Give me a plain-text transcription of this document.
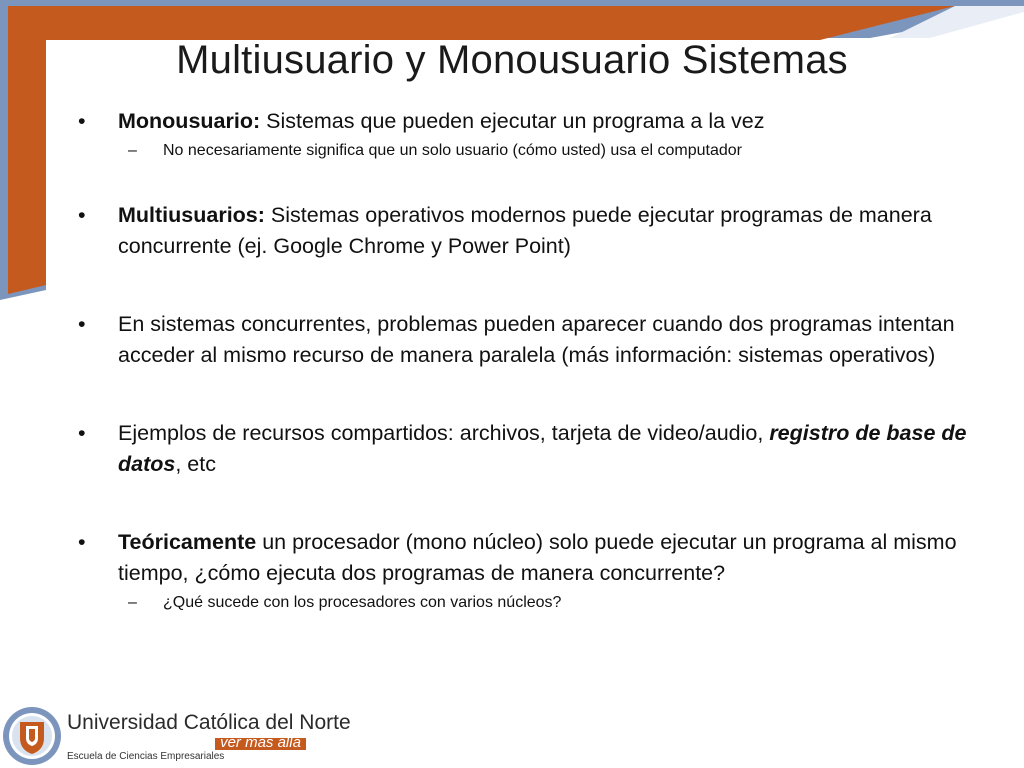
Multiusuario y Monousuario Sistemas
• Monousuario: Sistemas que pueden ejecutar un programa a la vez
– No necesariamente significa que un solo usuario (cómo usted) usa el computador
• Multiusuarios: Sistemas operativos modernos puede ejecutar programas de manera concurrente (ej. Google Chrome y Power Point)
• En sistemas concurrentes, problemas pueden aparecer cuando dos programas intentan acceder al mismo recurso de manera paralela (más información: sistemas operativos)
• Ejemplos de recursos compartidos: archivos, tarjeta de video/audio, registro de base de datos, etc
• Teóricamente un procesador (mono núcleo) solo puede ejecutar un programa al mismo tiempo, ¿cómo ejecuta dos programas de manera concurrente?
– ¿Qué sucede con los procesadores con varios núcleos?
Universidad Católica del Norte
ver más allá
Escuela de Ciencias Empresariales
